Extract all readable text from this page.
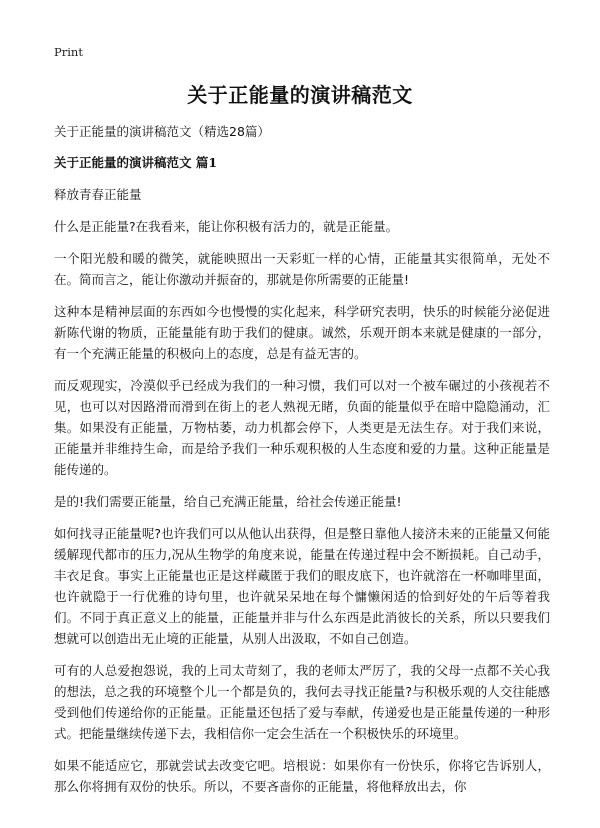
Print
关于正能量的演讲稿范文

关于正能量的演讲稿范文（精选28篇）

关于正能量的演讲稿范文 篇1

释放青春正能量

什么是正能量?在我看来，能让你积极有活力的，就是正能量。

一个阳光般和暖的微笑，就能映照出一天彩虹一样的心情，正能量其实很简单，无处不在。简而言之，能让你激动并振奋的，那就是你所需要的正能量!

这种本是精神层面的东西如今也慢慢的实化起来，科学研究表明，快乐的时候能分泌促进新陈代谢的物质，正能量能有助于我们的健康。诚然，乐观开朗本来就是健康的一部分，有一个充满正能量的积极向上的态度，总是有益无害的。

而反观现实，冷漠似乎已经成为我们的一种习惯，我们可以对一个被车碾过的小孩视若不见，也可以对因路滑而滑到在街上的老人熟视无睹，负面的能量似乎在暗中隐隐涌动，汇集。如果没有正能量，万物枯萎，动力机都会停下，人类更是无法生存。对于我们来说，正能量并非维持生命，而是给予我们一种乐观积极的人生态度和爱的力量。这种正能量是能传递的。

是的!我们需要正能量，给自己充满正能量，给社会传递正能量!

如何找寻正能量呢?也许我们可以从他认出获得，但是整日靠他人接济未来的正能量又何能缓解现代都市的压力,况从生物学的角度来说，能量在传递过程中会不断损耗。自己动手，丰衣足食。事实上正能量也正是这样藏匿于我们的眼皮底下，也许就溶在一杯咖啡里面，也许就隐于一行优雅的诗句里，也许就呆呆地在每个慵懒闲适的恰到好处的午后等着我们。不同于真正意义上的能量，正能量并非与什么东西是此消彼长的关系，所以只要我们想就可以创造出无止境的正能量，从别人出汲取，不如自己创造。

可有的人总爱抱怨说，我的上司太苛刻了，我的老师太严厉了，我的父母一点都不关心我的想法，总之我的环境整个儿一个都是负的，我何去寻找正能量?与积极乐观的人交往能感受到他们传递给你的正能量。正能量还包括了爱与奉献，传递爱也是正能量传递的一种形式。把能量继续传递下去，我相信你一定会生活在一个积极快乐的环境里。

如果不能适应它，那就尝试去改变它吧。培根说：如果你有一份快乐，你将它告诉别人，那么你将拥有双份的快乐。所以，不要吝啬你的正能量，将他释放出去，你
